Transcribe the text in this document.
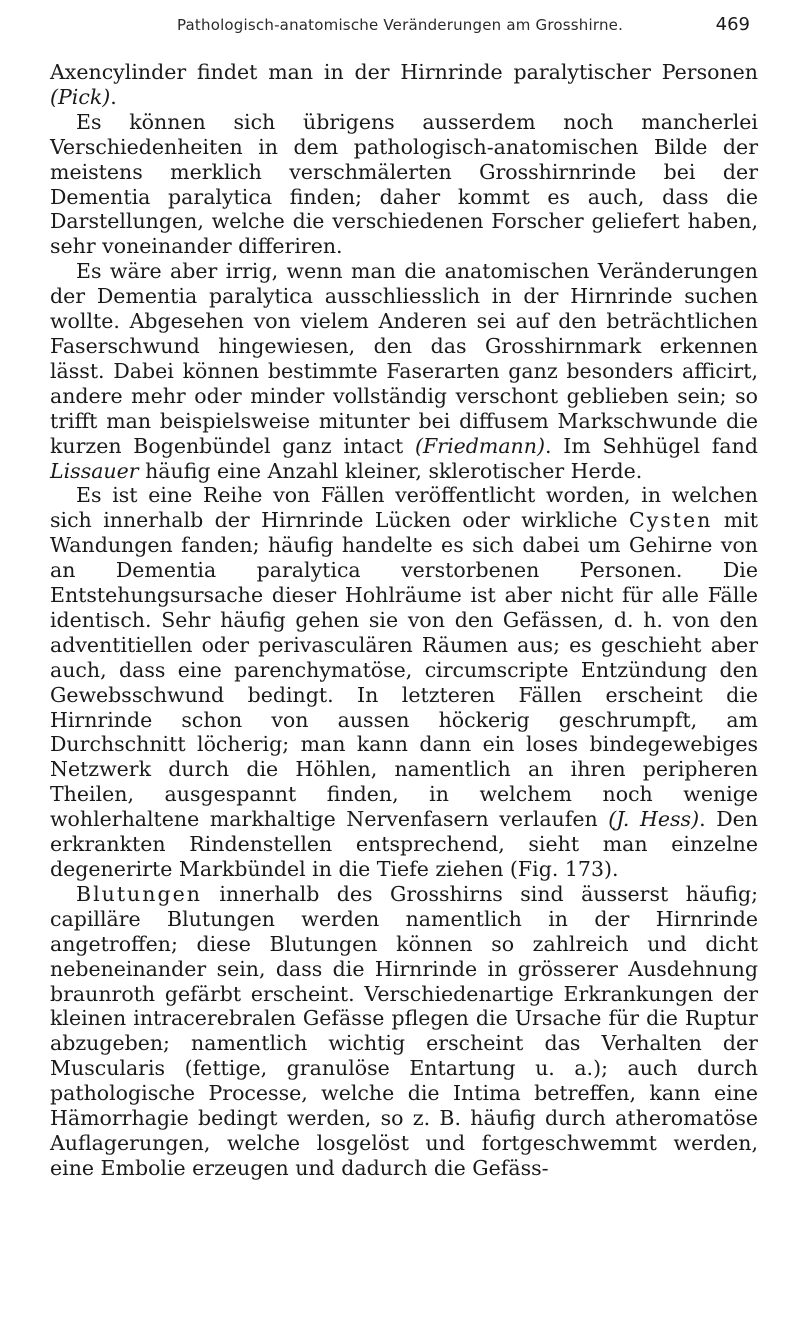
Pathologisch-anatomische Veränderungen am Grosshirne.	469

Axencylinder findet man in der Hirnrinde paralytischer Personen (Pick).

Es können sich übrigens ausserdem noch mancherlei Verschiedenheiten in dem pathologisch-anatomischen Bilde der meistens merklich verschmälerten Grosshirnrinde bei der Dementia paralytica finden; daher kommt es auch, dass die Darstellungen, welche die verschiedenen Forscher geliefert haben, sehr voneinander differiren.

Es wäre aber irrig, wenn man die anatomischen Veränderungen der Dementia paralytica ausschliesslich in der Hirnrinde suchen wollte. Abgesehen von vielem Anderen sei auf den beträchtlichen Faserschwund hingewiesen, den das Grosshirnmark erkennen lässt. Dabei können bestimmte Faserarten ganz besonders afficirt, andere mehr oder minder vollständig verschont geblieben sein; so trifft man beispielsweise mitunter bei diffusem Markschwunde die kurzen Bogenbündel ganz intact (Friedmann). Im Sehhügel fand Lissauer häufig eine Anzahl kleiner, sklerotischer Herde.

Es ist eine Reihe von Fällen veröffentlicht worden, in welchen sich innerhalb der Hirnrinde Lücken oder wirkliche Cysten mit Wandungen fanden; häufig handelte es sich dabei um Gehirne von an Dementia paralytica verstorbenen Personen. Die Entstehungsursache dieser Hohlräume ist aber nicht für alle Fälle identisch. Sehr häufig gehen sie von den Gefässen, d. h. von den adventitiellen oder perivasculären Räumen aus; es geschieht aber auch, dass eine parenchymatöse, circumscripte Entzündung den Gewebsschwund bedingt. In letzteren Fällen erscheint die Hirnrinde schon von aussen höckerig geschrumpft, am Durchschnitt löcherig; man kann dann ein loses bindegewebiges Netzwerk durch die Höhlen, namentlich an ihren peripheren Theilen, ausgespannt finden, in welchem noch wenige wohlerhaltene markhaltige Nervenfasern verlaufen (J. Hess). Den erkrankten Rindenstellen entsprechend, sieht man einzelne degenerirte Markbündel in die Tiefe ziehen (Fig. 173).

Blutungen innerhalb des Grosshirns sind äusserst häufig; capilläre Blutungen werden namentlich in der Hirnrinde angetroffen; diese Blutungen können so zahlreich und dicht nebeneinander sein, dass die Hirnrinde in grösserer Ausdehnung braunroth gefärbt erscheint. Verschiedenartige Erkrankungen der kleinen intracerebralen Gefässe pflegen die Ursache für die Ruptur abzugeben; namentlich wichtig erscheint das Verhalten der Muscularis (fettige, granulöse Entartung u. a.); auch durch pathologische Processe, welche die Intima betreffen, kann eine Hämorrhagie bedingt werden, so z. B. häufig durch atheromatöse Auflagerungen, welche losgelöst und fortgeschwemmt werden, eine Embolie erzeugen und dadurch die Gefäss-
